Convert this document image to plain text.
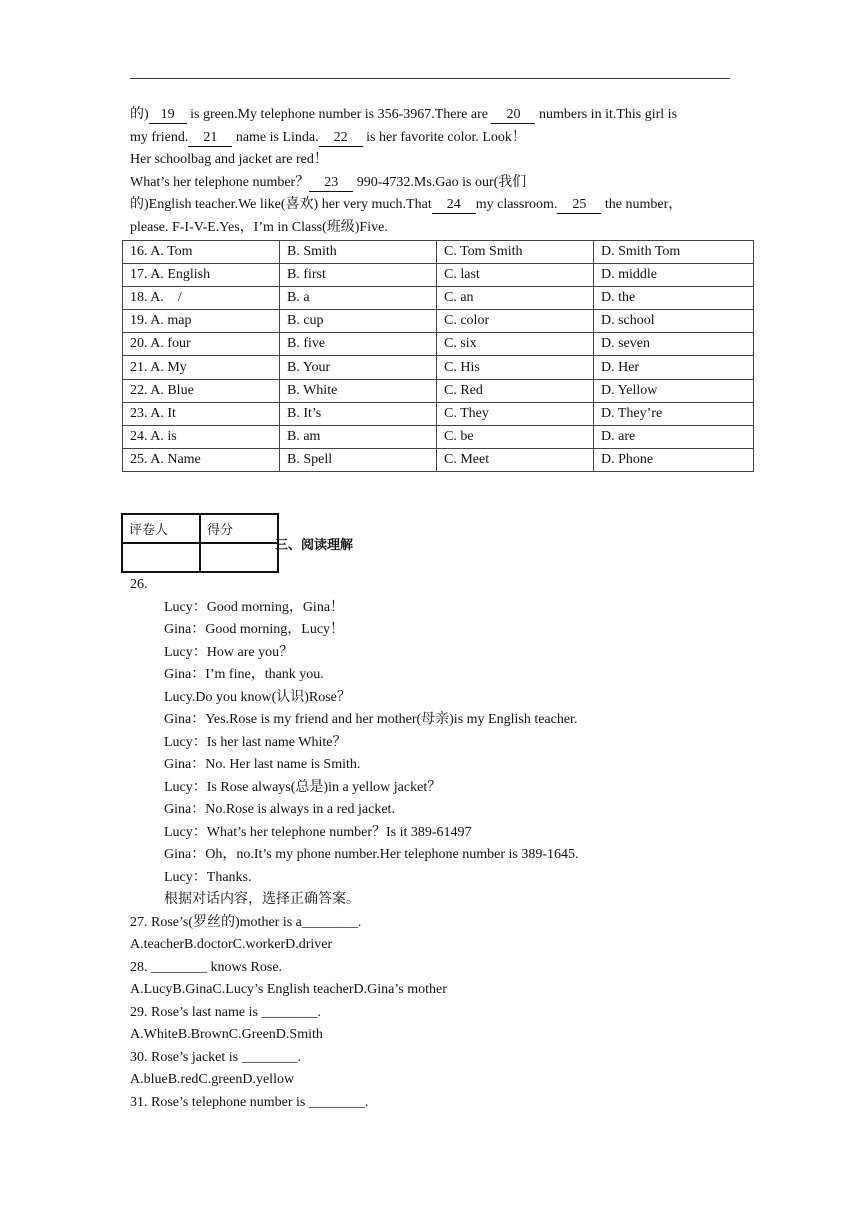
的) 19 is green.My telephone number is 356-3967.There are 20 numbers in it.This girl is
my friend. 21 name is Linda. 22 is her favorite color. Look！
Her schoolbag and jacket are red！
What’s her telephone number？ 23 990-4732.Ms.Gao is our(我们
的)English teacher.We like(喜欢) her very much.That 24 my classroom. 25 the number，
please. F-I-V-E.Yes，I’m in Class(班级)Five.
16. A. Tom	B. Smith	C. Tom Smith	D. Smith Tom
17. A. English	B. first	C. last	D. middle
18. A.　/	B. a	C. an	D. the
19. A. map	B. cup	C. color	D. school
20. A. four	B. five	C. six	D. seven
21. A. My	B. Your	C. His	D. Her
22. A. Blue	B. White	C. Red	D. Yellow
23. A. It	B. It’s	C. They	D. They’re
24. A. is	B. am	C. be	D. are
25. A. Name	B. Spell	C. Meet	D. Phone
评卷人	得分

三、阅读理解
26.
Lucy：Good morning，Gina！
Gina：Good morning，Lucy！
Lucy：How are you？
Gina：I’m fine，thank you.
Lucy.Do you know(认识)Rose？
Gina：Yes.Rose is my friend and her mother(母亲)is my English teacher.
Lucy：Is her last name White？
Gina：No. Her last name is Smith.
Lucy：Is Rose always(总是)in a yellow jacket？
Gina：No.Rose is always in a red jacket.
Lucy：What’s her telephone number？Is it 389-61497
Gina：Oh，no.It’s my phone number.Her telephone number is 389-1645.
Lucy：Thanks.
根据对话内容，选择正确答案。
27. Rose’s(罗丝的)mother is a________.
A.teacherB.doctorC.workerD.driver
28. ________ knows Rose.
A.LucyB.GinaC.Lucy’s English teacherD.Gina’s mother
29. Rose’s last name is ________.
A.WhiteB.BrownC.GreenD.Smith
30. Rose’s jacket is ________.
A.blueB.redC.greenD.yellow
31. Rose’s telephone number is ________.
